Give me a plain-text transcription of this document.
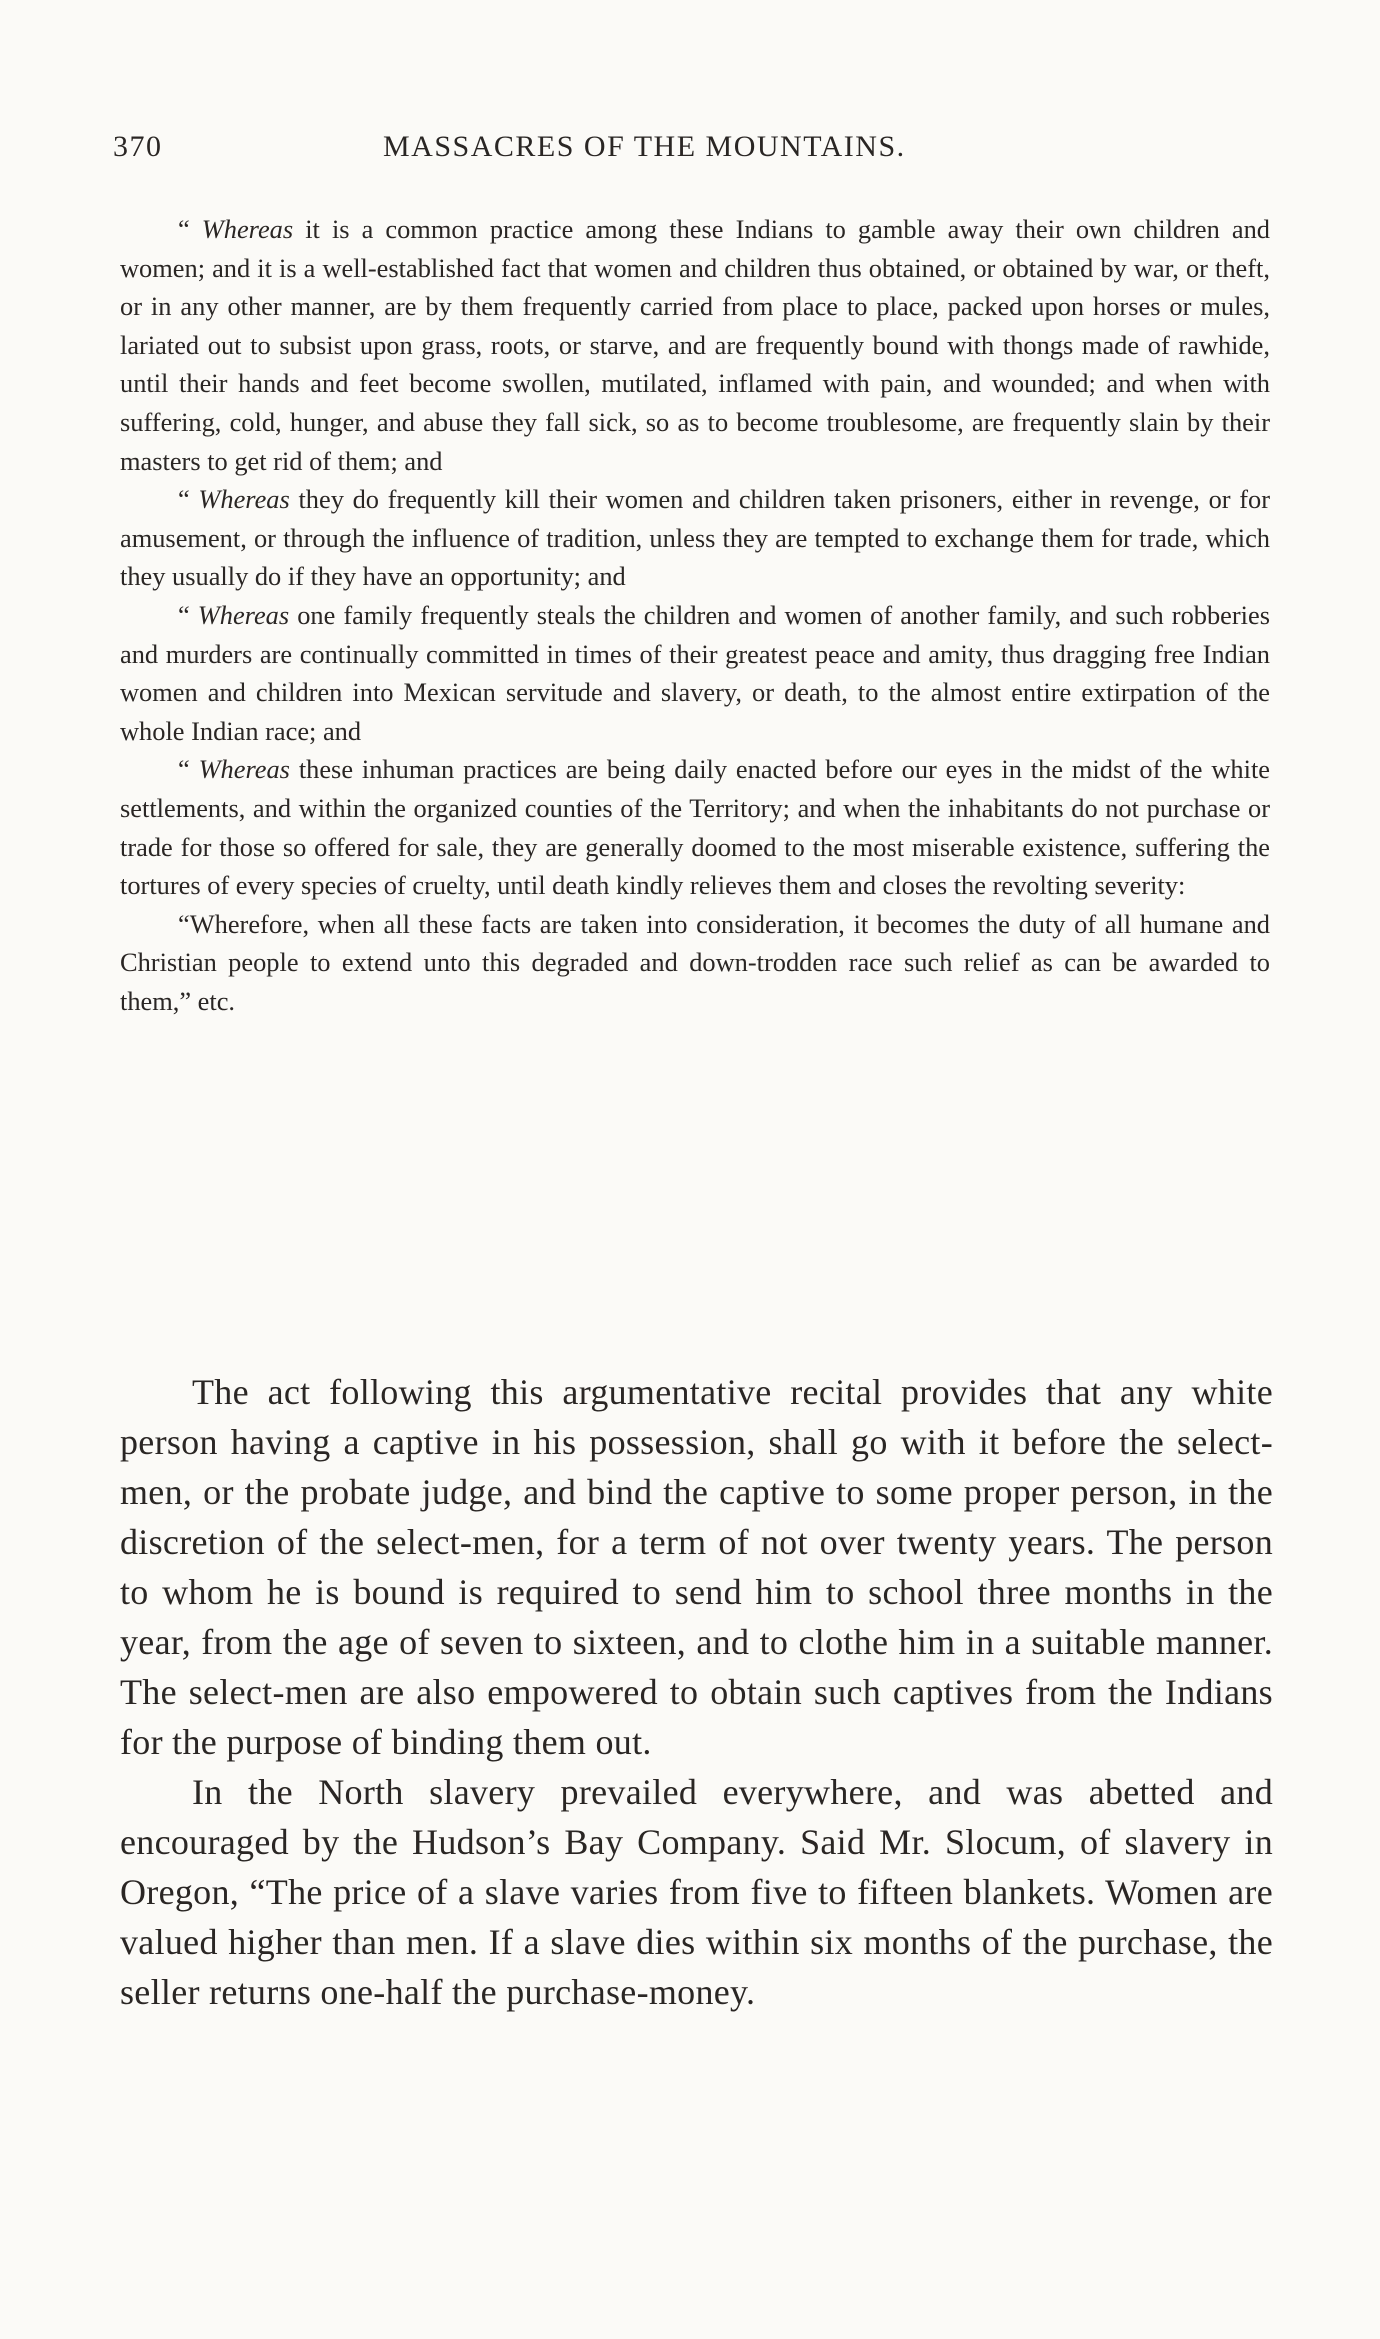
370	MASSACRES OF THE MOUNTAINS.

“ Whereas it is a common practice among these Indians to gamble away their own children and women; and it is a well-established fact that women and children thus obtained, or obtained by war, or theft, or in any other manner, are by them frequently carried from place to place, packed upon horses or mules, lariated out to subsist upon grass, roots, or starve, and are frequently bound with thongs made of rawhide, until their hands and feet become swollen, mutilated, inflamed with pain, and wounded; and when with suffering, cold, hunger, and abuse they fall sick, so as to become troublesome, are frequently slain by their masters to get rid of them; and

“ Whereas they do frequently kill their women and children taken prisoners, either in revenge, or for amusement, or through the influence of tradition, unless they are tempted to exchange them for trade, which they usually do if they have an opportunity; and

“ Whereas one family frequently steals the children and women of another family, and such robberies and murders are continually committed in times of their greatest peace and amity, thus dragging free Indian women and children into Mexican servitude and slavery, or death, to the almost entire extirpation of the whole Indian race; and

“ Whereas these inhuman practices are being daily enacted before our eyes in the midst of the white settlements, and within the organized counties of the Territory; and when the inhabitants do not purchase or trade for those so offered for sale, they are generally doomed to the most miserable existence, suffering the tortures of every species of cruelty, until death kindly relieves them and closes the revolting severity:

“Wherefore, when all these facts are taken into consideration, it becomes the duty of all humane and Christian people to extend unto this degraded and down-trodden race such relief as can be awarded to them,” etc.

The act following this argumentative recital provides that any white person having a captive in his possession, shall go with it before the select-men, or the probate judge, and bind the captive to some proper person, in the discretion of the select-men, for a term of not over twenty years. The person to whom he is bound is required to send him to school three months in the year, from the age of seven to sixteen, and to clothe him in a suitable manner. The select-men are also empowered to obtain such captives from the Indians for the purpose of binding them out.

In the North slavery prevailed everywhere, and was abetted and encouraged by the Hudson’s Bay Company. Said Mr. Slocum, of slavery in Oregon, “The price of a slave varies from five to fifteen blankets. Women are valued higher than men. If a slave dies within six months of the purchase, the seller returns one-half the purchase-money.
